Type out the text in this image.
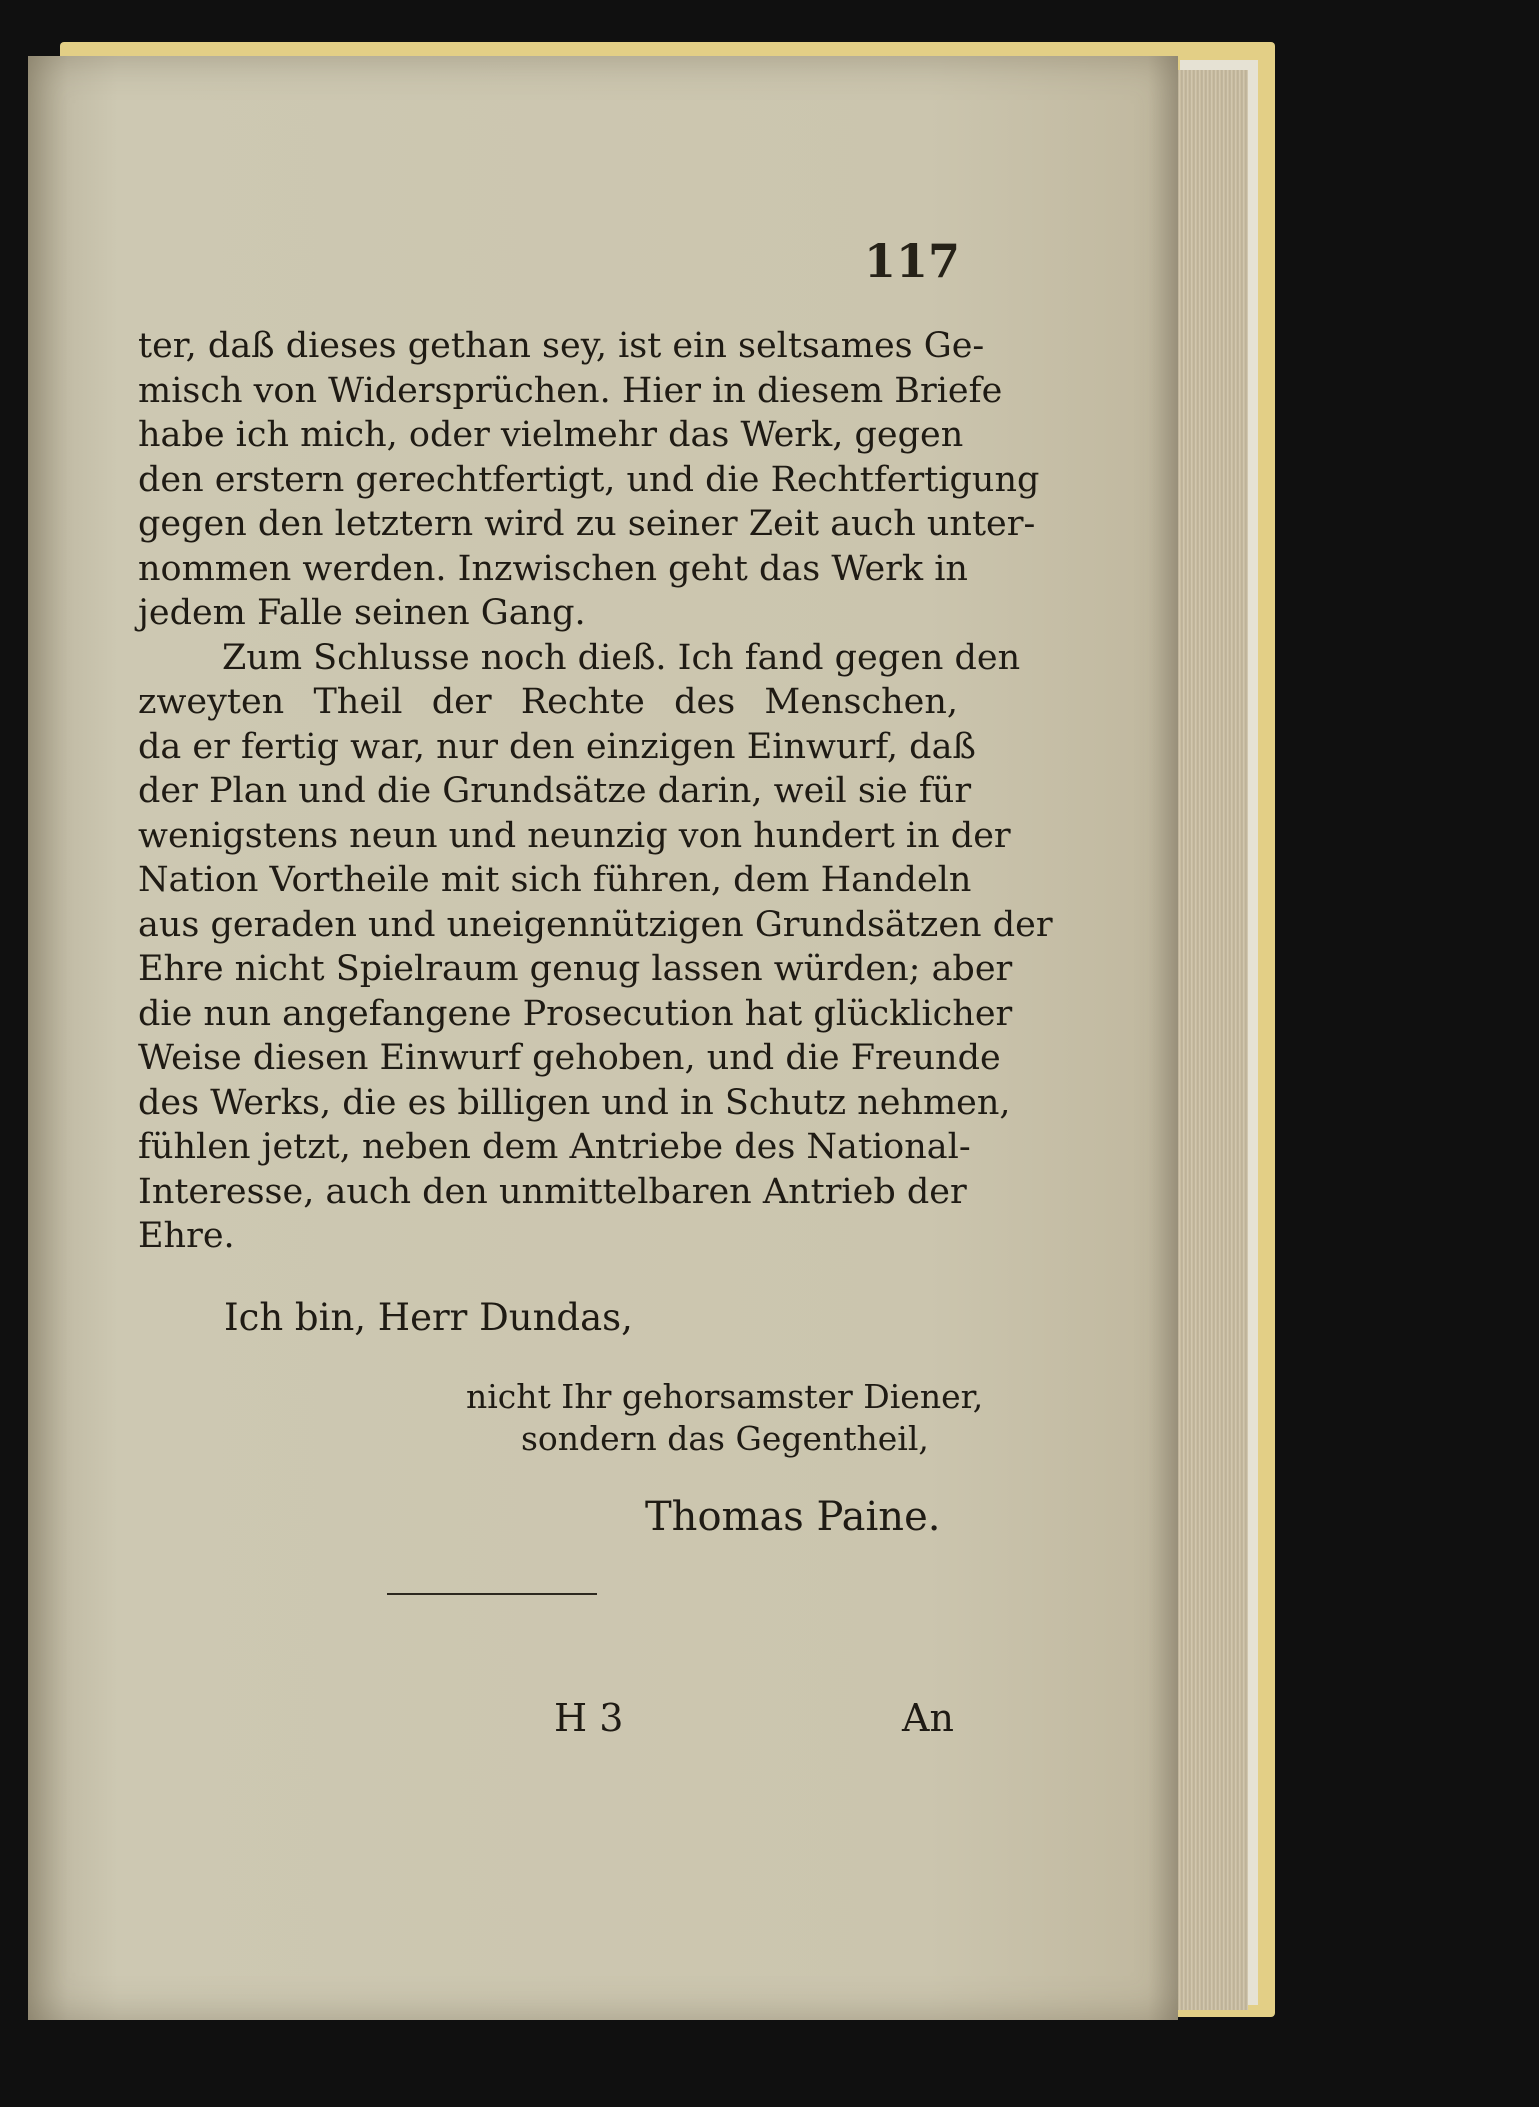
117
ter, daß dieses gethan sey, ist ein seltsames Ge-
misch von Widersprüchen. Hier in diesem Briefe
habe ich mich, oder vielmehr das Werk, gegen
den erstern gerechtfertigt, und die Rechtfertigung
gegen den letztern wird zu seiner Zeit auch unter-
nommen werden. Inzwischen geht das Werk in
jedem Falle seinen Gang.
Zum Schlusse noch dieß. Ich fand gegen den
zweyten Theil der Rechte des Menschen,
da er fertig war, nur den einzigen Einwurf, daß
der Plan und die Grundsätze darin, weil sie für
wenigstens neun und neunzig von hundert in der
Nation Vortheile mit sich führen, dem Handeln
aus geraden und uneigennützigen Grundsätzen der
Ehre nicht Spielraum genug lassen würden; aber
die nun angefangene Prosecution hat glücklicher
Weise diesen Einwurf gehoben, und die Freunde
des Werks, die es billigen und in Schutz nehmen,
fühlen jetzt, neben dem Antriebe des National-
Interesse, auch den unmittelbaren Antrieb der
Ehre.
Ich bin, Herr Dundas,
nicht Ihr gehorsamster Diener,
sondern das Gegentheil,
Thomas Paine.
H 3	An
